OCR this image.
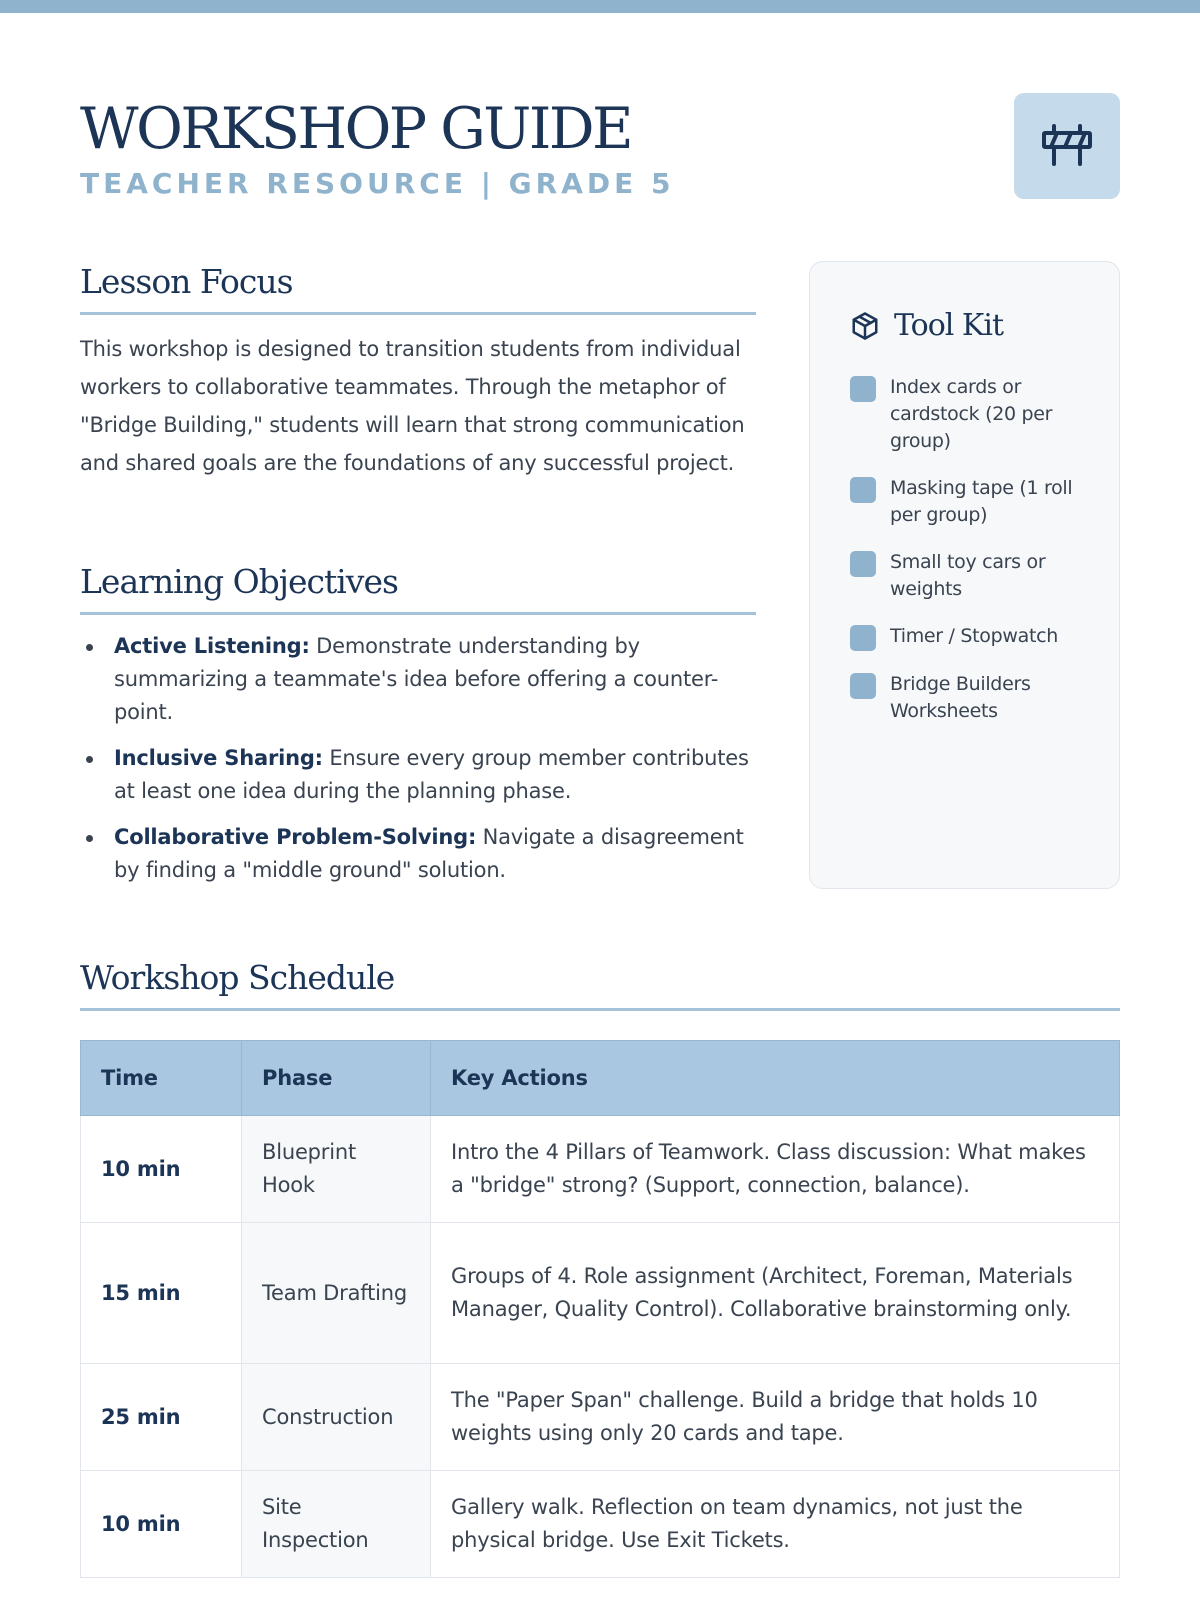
WORKSHOP GUIDE
TEACHER RESOURCE | GRADE 5
Lesson Focus

This workshop is designed to transition students from individual workers to collaborative teammates. Through the metaphor of "Bridge Building," students will learn that strong communication and shared goals are the foundations of any successful project.

Learning Objectives
Active Listening: Demonstrate understanding by summarizing a teammate's idea before offering a counter-point.
Inclusive Sharing: Ensure every group member contributes at least one idea during the planning phase.
Collaborative Problem-Solving: Navigate a disagreement by finding a "middle ground" solution.
Tool Kit
Index cards or cardstock (20 per group)
Masking tape (1 roll per group)
Small toy cars or weights
Timer / Stopwatch
Bridge Builders Worksheets
Workshop Schedule
Time	Phase	Key Actions
10 min	Blueprint Hook	Intro the 4 Pillars of Teamwork. Class discussion: What makes a "bridge" strong? (Support, connection, balance).
15 min	Team Drafting	Groups of 4. Role assignment (Architect, Foreman, Materials Manager, Quality Control). Collaborative brainstorming only.
25 min	Construction	The "Paper Span" challenge. Build a bridge that holds 10 weights using only 20 cards and tape.
10 min	Site Inspection	Gallery walk. Reflection on team dynamics, not just the physical bridge. Use Exit Tickets.
